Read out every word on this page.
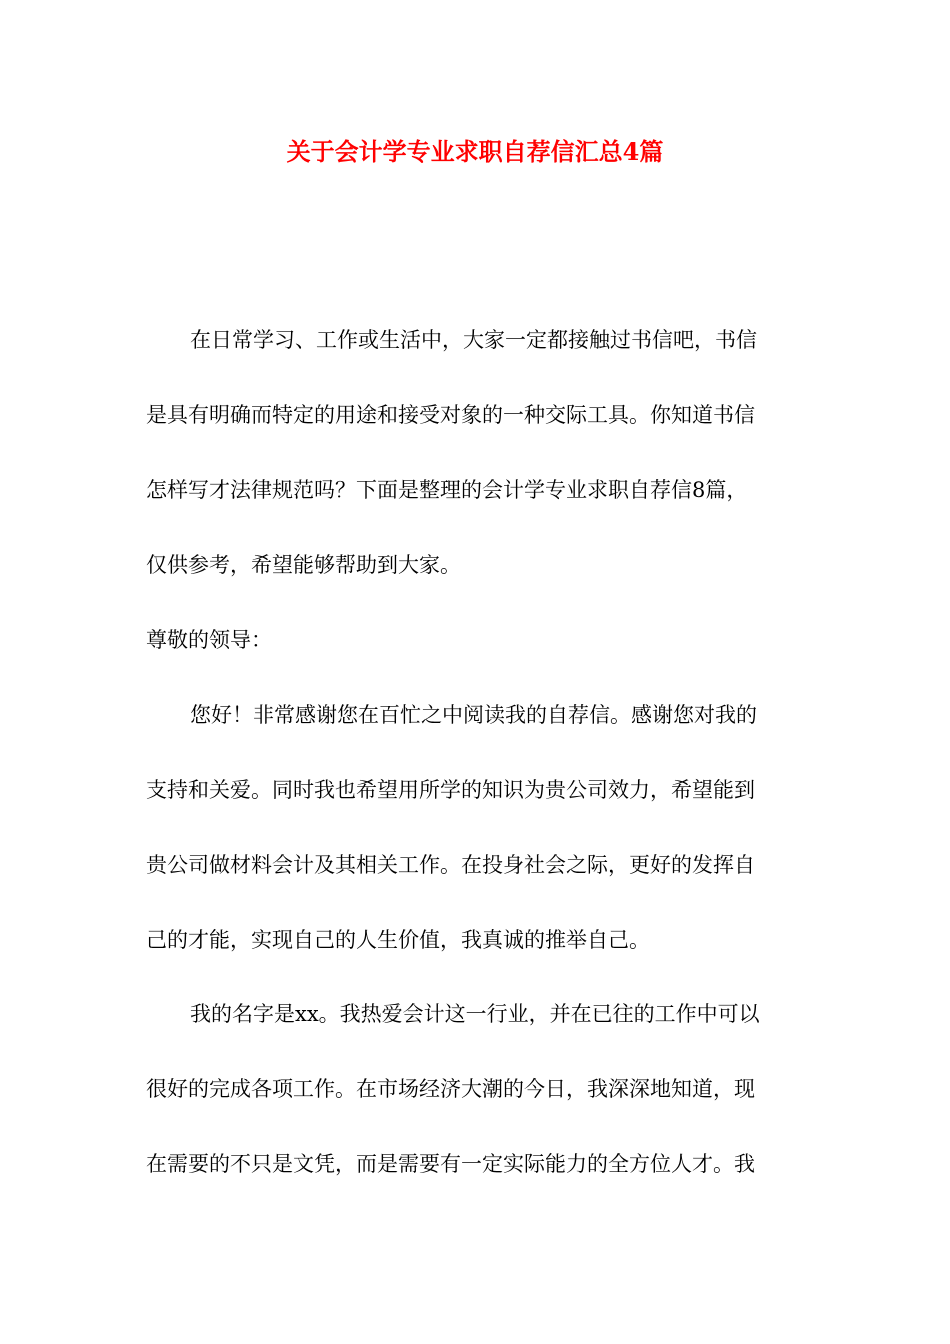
关于会计学专业求职自荐信汇总4篇
在日常学习、工作或生活中，大家一定都接触过书信吧，书信
是具有明确而特定的用途和接受对象的一种交际工具。你知道书信
怎样写才法律规范吗？下面是整理的会计学专业求职自荐信8篇，
仅供参考，希望能够帮助到大家。
尊敬的领导：
您好！非常感谢您在百忙之中阅读我的自荐信。感谢您对我的
支持和关爱。同时我也希望用所学的知识为贵公司效力，希望能到
贵公司做材料会计及其相关工作。在投身社会之际，更好的发挥自
己的才能，实现自己的人生价值，我真诚的推举自己。
我的名字是xx。我热爱会计这一行业，并在已往的工作中可以
很好的完成各项工作。在市场经济大潮的今日，我深深地知道，现
在需要的不只是文凭，而是需要有一定实际能力的全方位人才。我
